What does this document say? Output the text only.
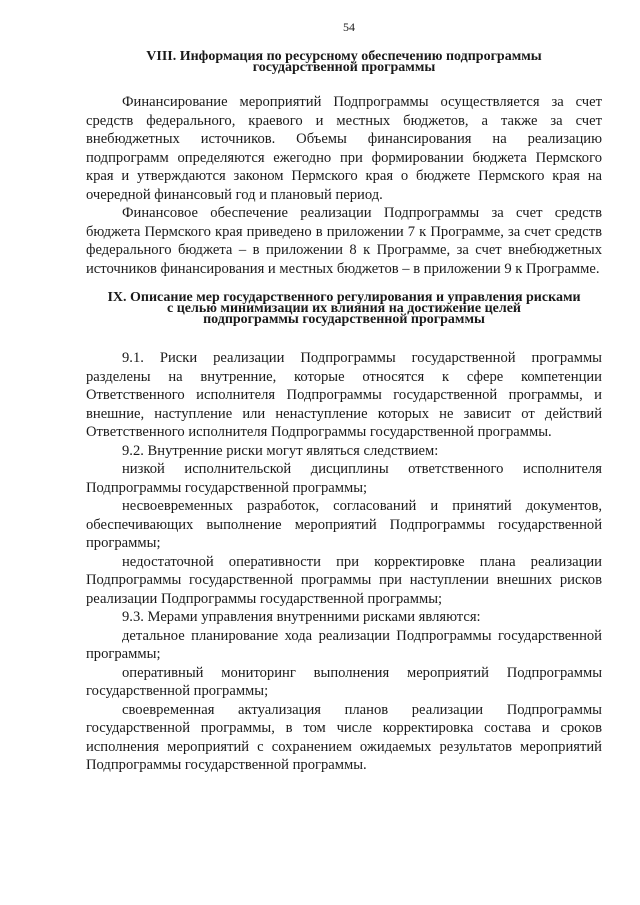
54
VIII. Информация по ресурсному обеспечению подпрограммы
государственной программы

Финансирование мероприятий Подпрограммы осуществляется за счет средств федерального, краевого и местных бюджетов, а также за счет внебюджетных источников. Объемы финансирования на реализацию подпрограмм определяются ежегодно при формировании бюджета Пермского края и утверждаются законом Пермского края о бюджете Пермского края на очередной финансовый год и плановый период.

Финансовое обеспечение реализации Подпрограммы за счет средств бюджета Пермского края приведено в приложении 7 к Программе, за счет средств федерального бюджета – в приложении 8 к Программе, за счет внебюджетных источников финансирования и местных бюджетов – в приложении 9 к Программе.

IX. Описание мер государственного регулирования и управления рисками
с целью минимизации их влияния на достижение целей
подпрограммы государственной программы

9.1. Риски реализации Подпрограммы государственной программы разделены на внутренние, которые относятся к сфере компетенции Ответственного исполнителя Подпрограммы государственной программы, и внешние, наступление или ненаступление которых не зависит от действий Ответственного исполнителя Подпрограммы государственной программы.

9.2. Внутренние риски могут являться следствием:

низкой исполнительской дисциплины ответственного исполнителя Подпрограммы государственной программы;

несвоевременных разработок, согласований и принятий документов, обеспечивающих выполнение мероприятий Подпрограммы государственной программы;

недостаточной оперативности при корректировке плана реализации Подпрограммы государственной программы при наступлении внешних рисков реализации Подпрограммы государственной программы;

9.3. Мерами управления внутренними рисками являются:

детальное планирование хода реализации Подпрограммы государственной программы;

оперативный мониторинг выполнения мероприятий Подпрограммы государственной программы;

своевременная актуализация планов реализации Подпрограммы государственной программы, в том числе корректировка состава и сроков исполнения мероприятий с сохранением ожидаемых результатов мероприятий Подпрограммы государственной программы.
